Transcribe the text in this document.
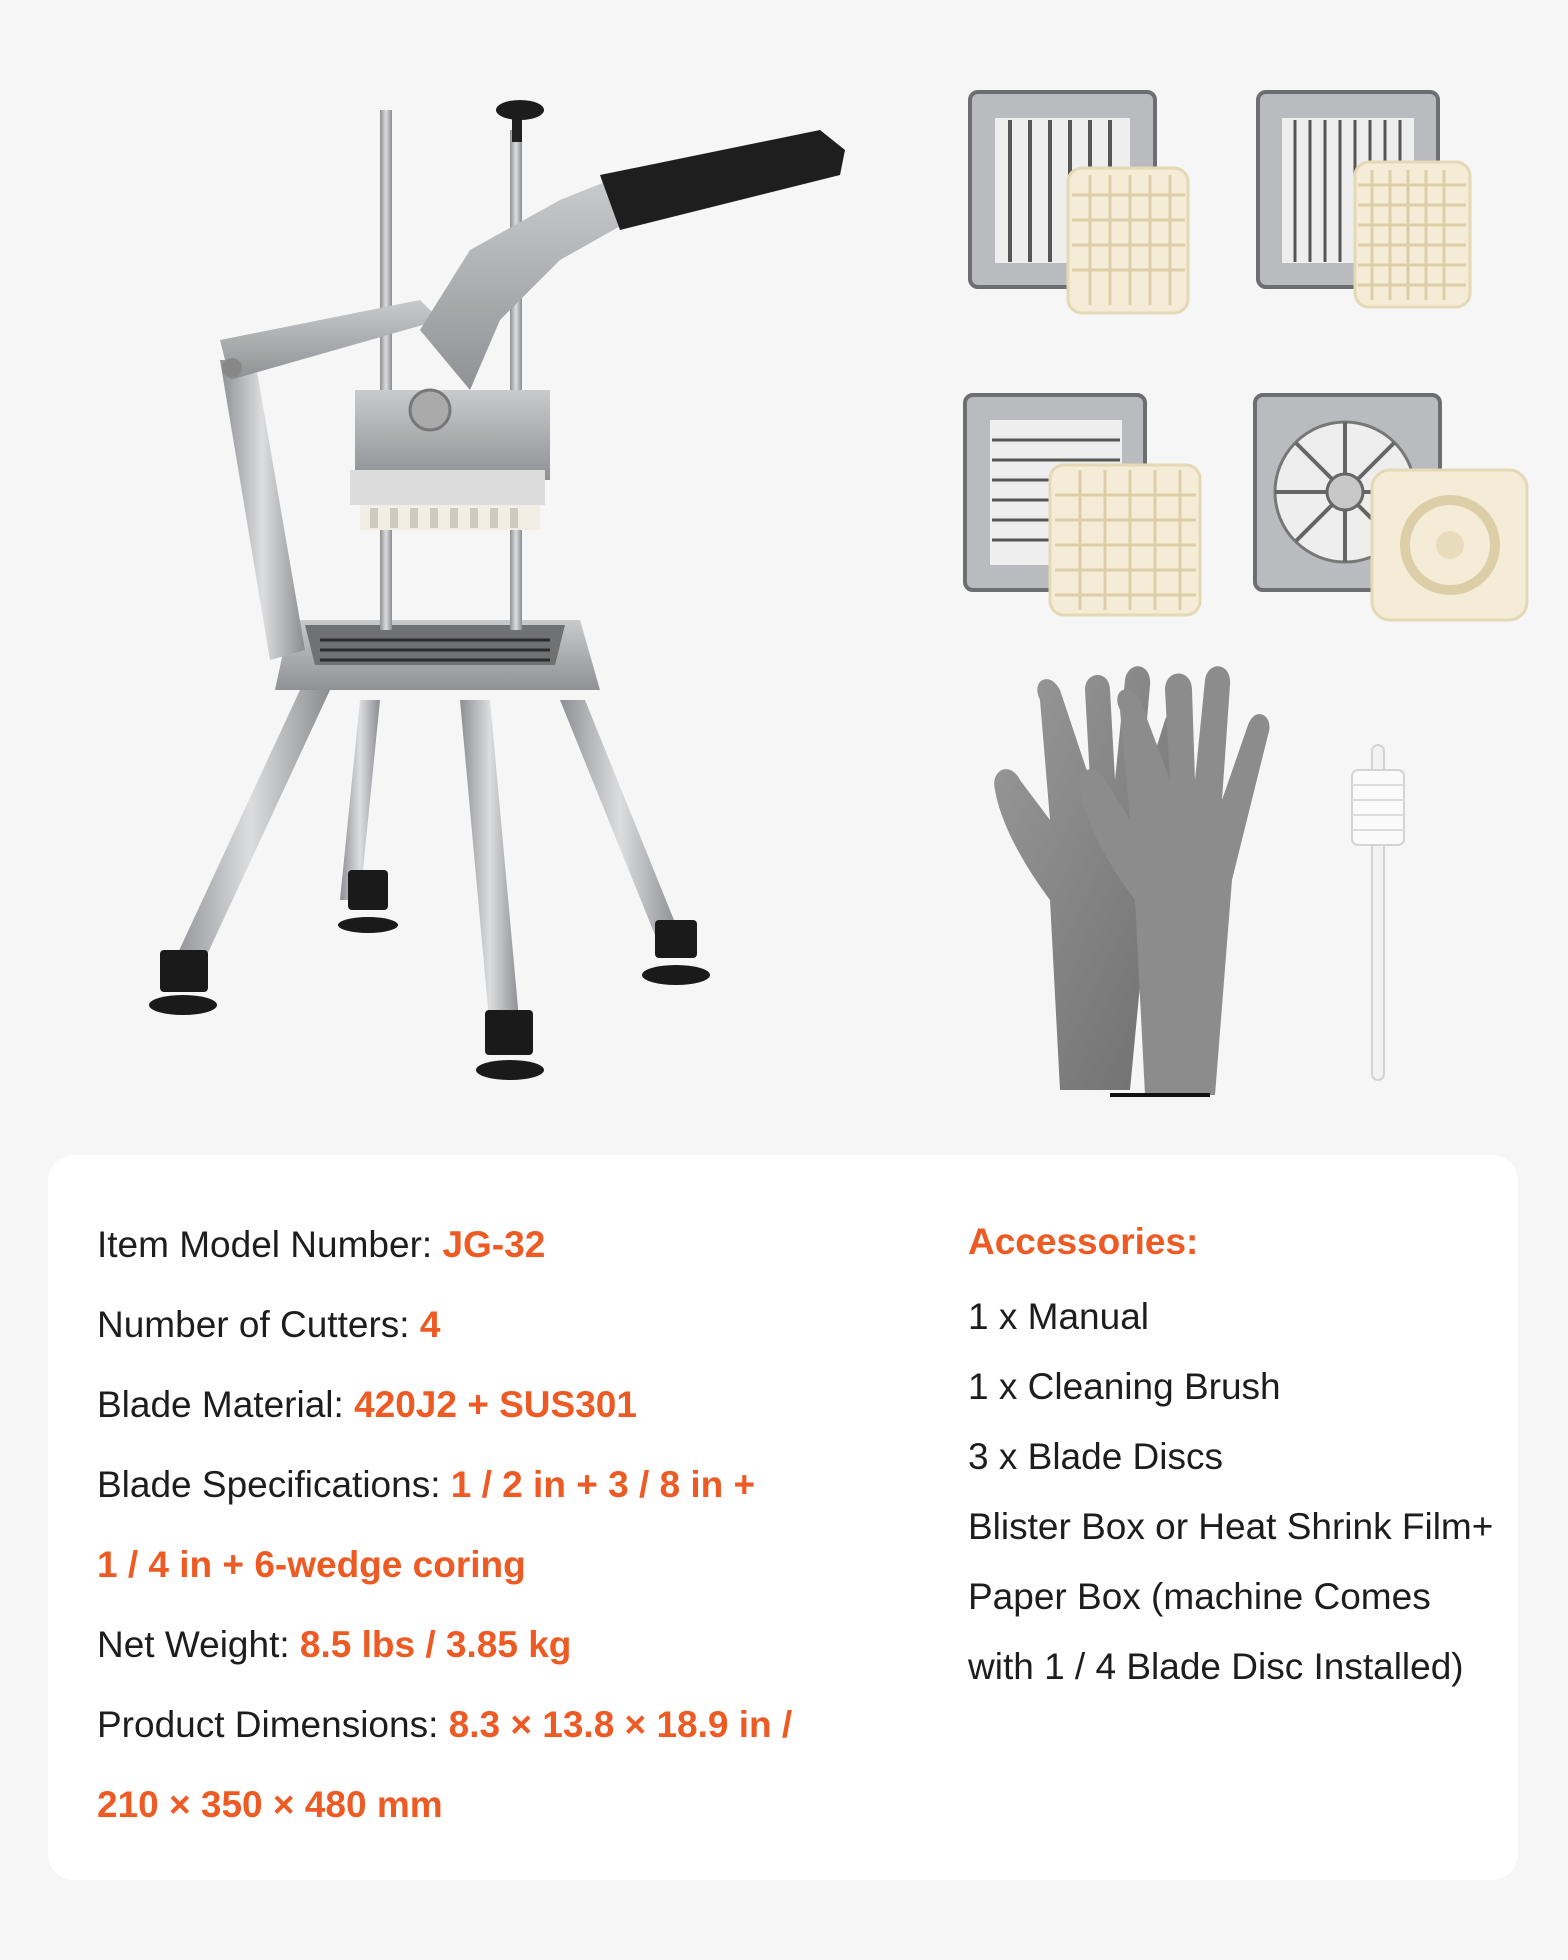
Item Model Number: JG-32
Number of Cutters: 4
Blade Material: 420J2 + SUS301
Blade Specifications: 1 / 2 in + 3 / 8 in +
1 / 4 in + 6-wedge coring
Net Weight: 8.5 lbs / 3.85 kg
Product Dimensions: 8.3 × 13.8 × 18.9 in /
210 × 350 × 480 mm
Accessories:
1 x Manual
1 x Cleaning Brush
3 x Blade Discs
Blister Box or Heat Shrink Film+
Paper Box (machine Comes
with 1 / 4 Blade Disc Installed)
